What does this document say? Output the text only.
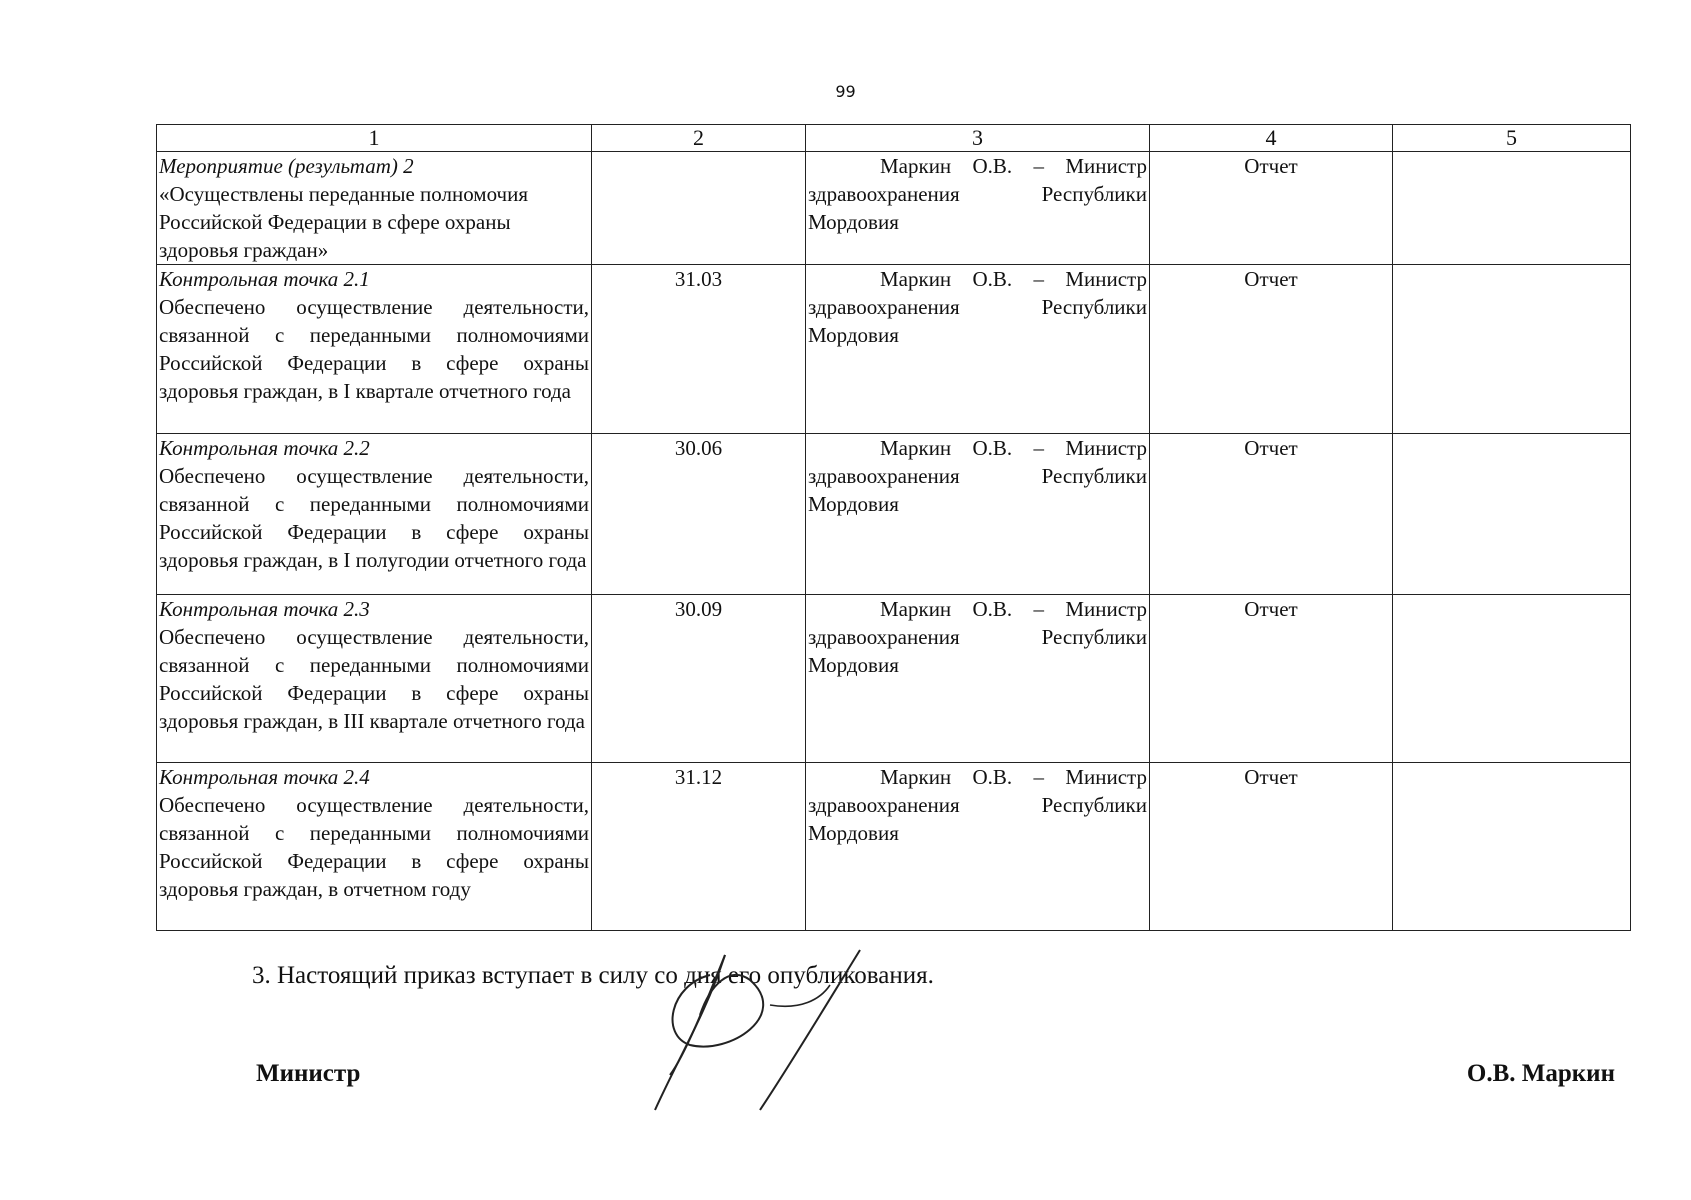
99
1	2	3	4	5

Мероприятие (результат) 2
«Осуществлены переданные полномочия Российской Федерации в сфере охраны здоровья граждан»		Маркин О.В. – Министр здравоохранения Республики Мордовия	Отчет	

Контрольная точка 2.1
Обеспечено осуществление деятельности, связанной с переданными полномочиями Российской Федерации в сфере охраны здоровья граждан, в I квартале отчетного года	31.03	Маркин О.В. – Министр здравоохранения Республики Мордовия	Отчет	

Контрольная точка 2.2
Обеспечено осуществление деятельности, связанной с переданными полномочиями Российской Федерации в сфере охраны здоровья граждан, в I полугодии отчетного года	30.06	Маркин О.В. – Министр здравоохранения Республики Мордовия	Отчет	

Контрольная точка 2.3
Обеспечено осуществление деятельности, связанной с переданными полномочиями Российской Федерации в сфере охраны здоровья граждан, в III квартале отчетного года	30.09	Маркин О.В. – Министр здравоохранения Республики Мордовия	Отчет	

Контрольная точка 2.4
Обеспечено осуществление деятельности, связанной с переданными полномочиями Российской Федерации в сфере охраны здоровья граждан, в отчетном году	31.12	Маркин О.В. – Министр здравоохранения Республики Мордовия	Отчет	
3. Настоящий приказ вступает в силу со дня его опубликования.
Министр	О.В. Маркин
